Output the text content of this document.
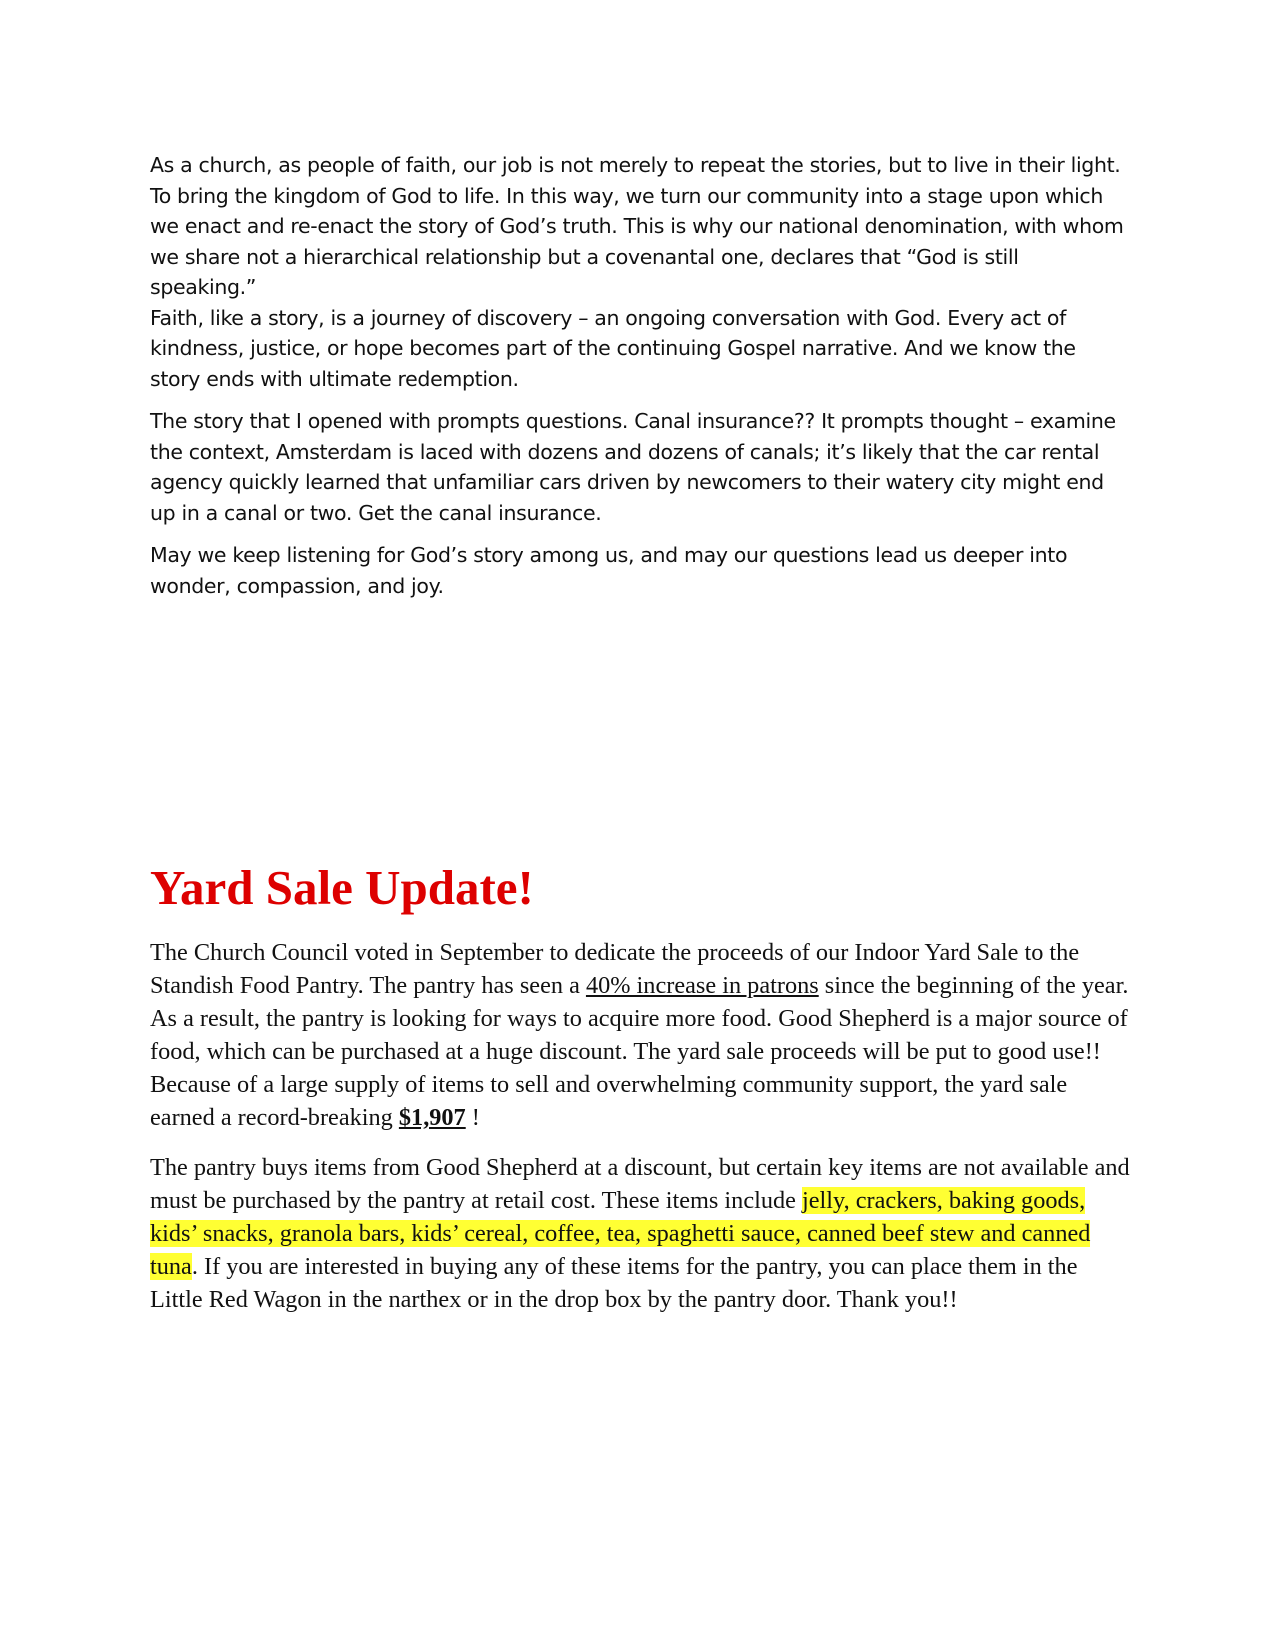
As a church, as people of faith, our job is not merely to repeat the stories, but to live in their light. To bring the kingdom of God to life. In this way, we turn our community into a stage upon which we enact and re-enact the story of God’s truth. This is why our national denomination, with whom we share not a hierarchical relationship but a covenantal one, declares that “God is still speaking.”

Faith, like a story, is a journey of discovery – an ongoing conversation with God. Every act of kindness, justice, or hope becomes part of the continuing Gospel narrative. And we know the story ends with ultimate redemption.

The story that I opened with prompts questions. Canal insurance?? It prompts thought – examine the context, Amsterdam is laced with dozens and dozens of canals; it’s likely that the car rental agency quickly learned that unfamiliar cars driven by newcomers to their watery city might end up in a canal or two. Get the canal insurance.

May we keep listening for God’s story among us, and may our questions lead us deeper into wonder, compassion, and joy.

Yard Sale Update!

The Church Council voted in September to dedicate the proceeds of our Indoor Yard Sale to the Standish Food Pantry. The pantry has seen a 40% increase in patrons since the beginning of the year. As a result, the pantry is looking for ways to acquire more food. Good Shepherd is a major source of food, which can be purchased at a huge discount. The yard sale proceeds will be put to good use!! Because of a large supply of items to sell and overwhelming community support, the yard sale earned a record-breaking $1,907 !

The pantry buys items from Good Shepherd at a discount, but certain key items are not available and must be purchased by the pantry at retail cost. These items include jelly, crackers, baking goods, kids’ snacks, granola bars, kids’ cereal, coffee, tea, spaghetti sauce, canned beef stew and canned tuna. If you are interested in buying any of these items for the pantry, you can place them in the Little Red Wagon in the narthex or in the drop box by the pantry door. Thank you!!
